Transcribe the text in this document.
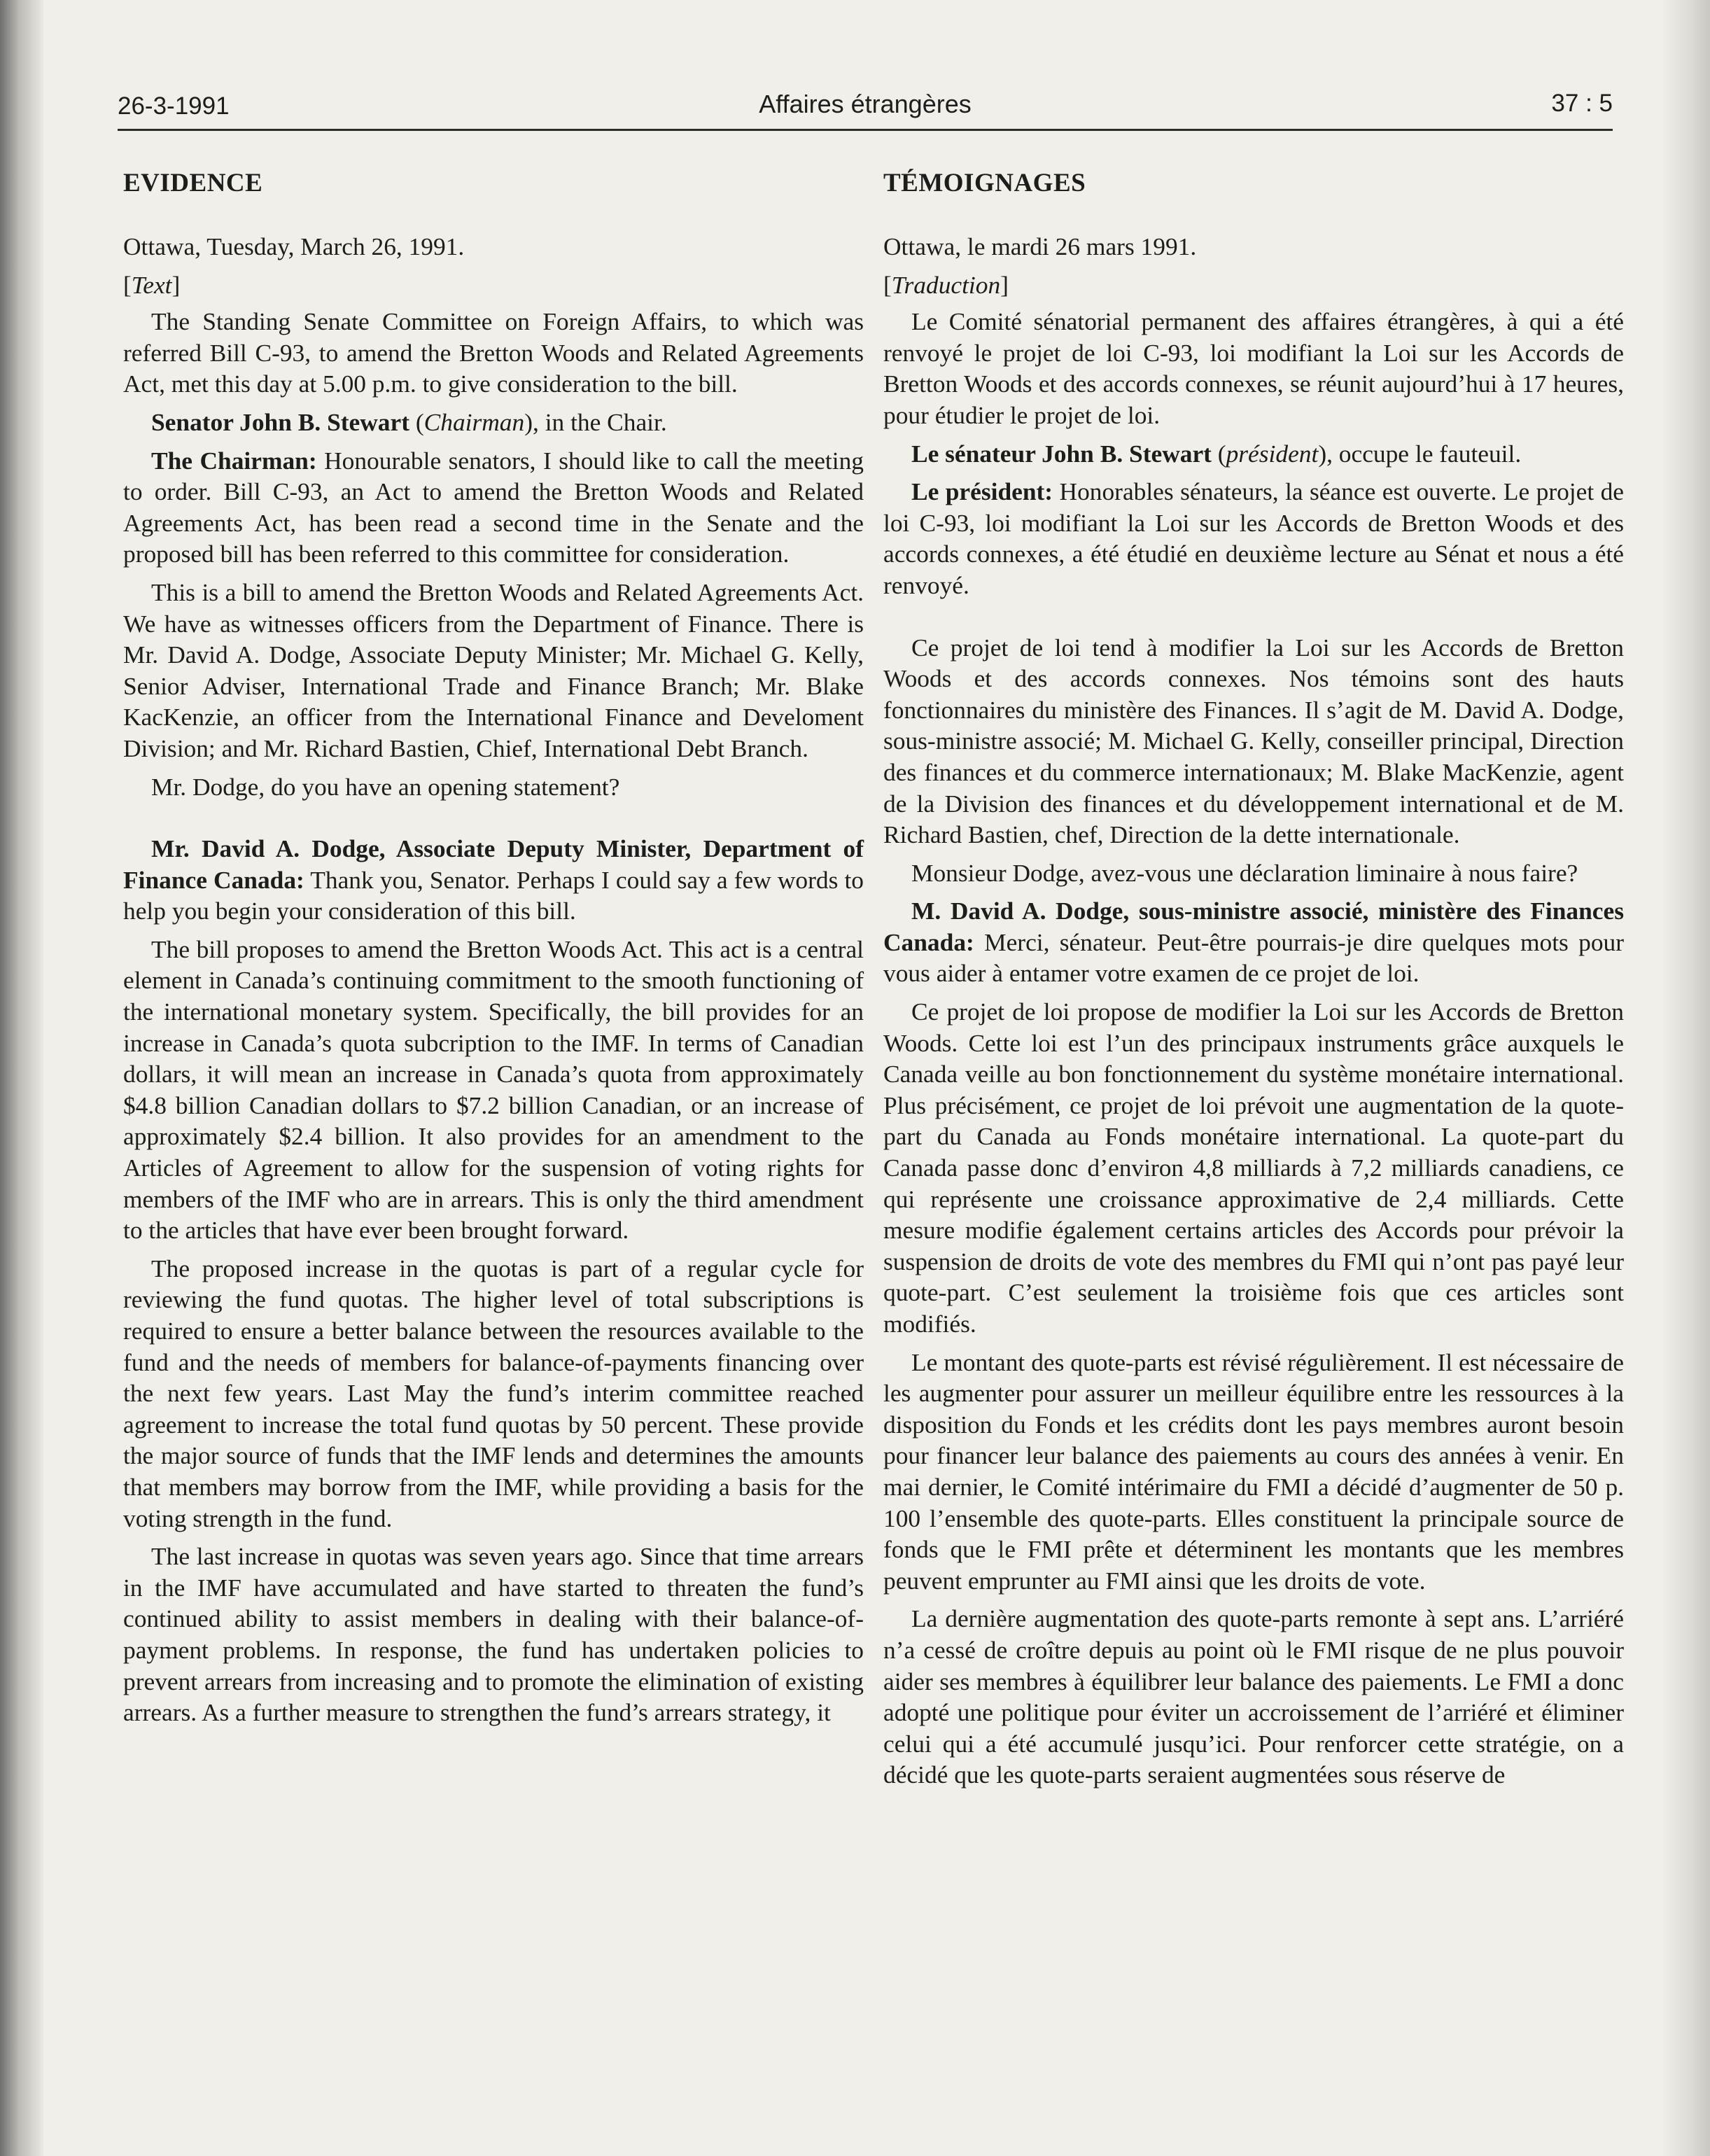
26-3-1991	Affaires étrangères	37 : 5
EVIDENCE

Ottawa, Tuesday, March 26, 1991.

[Text]

The Standing Senate Committee on Foreign Affairs, to which was referred Bill C-93, to amend the Bretton Woods and Related Agreements Act, met this day at 5.00 p.m. to give consideration to the bill.

Senator John B. Stewart (Chairman), in the Chair.

The Chairman: Honourable senators, I should like to call the meeting to order. Bill C-93, an Act to amend the Bretton Woods and Related Agreements Act, has been read a second time in the Senate and the proposed bill has been referred to this committee for consideration.

This is a bill to amend the Bretton Woods and Related Agreements Act. We have as witnesses officers from the Department of Finance. There is Mr. David A. Dodge, Associate Deputy Minister; Mr. Michael G. Kelly, Senior Adviser, International Trade and Finance Branch; Mr. Blake KacKenzie, an officer from the International Finance and Develoment Division; and Mr. Richard Bastien, Chief, International Debt Branch.

Mr. Dodge, do you have an opening statement?

Mr. David A. Dodge, Associate Deputy Minister, Department of Finance Canada: Thank you, Senator. Perhaps I could say a few words to help you begin your consideration of this bill.

The bill proposes to amend the Bretton Woods Act. This act is a central element in Canada’s continuing commitment to the smooth functioning of the international monetary system. Specifically, the bill provides for an increase in Canada’s quota subcription to the IMF. In terms of Canadian dollars, it will mean an increase in Canada’s quota from approximately $4.8 billion Canadian dollars to $7.2 billion Canadian, or an increase of approximately $2.4 billion. It also provides for an amendment to the Articles of Agreement to allow for the suspension of voting rights for members of the IMF who are in arrears. This is only the third amendment to the articles that have ever been brought forward.

The proposed increase in the quotas is part of a regular cycle for reviewing the fund quotas. The higher level of total subscriptions is required to ensure a better balance between the resources available to the fund and the needs of members for balance-of-payments financing over the next few years. Last May the fund’s interim committee reached agreement to increase the total fund quotas by 50 percent. These provide the major source of funds that the IMF lends and determines the amounts that members may borrow from the IMF, while providing a basis for the voting strength in the fund.

The last increase in quotas was seven years ago. Since that time arrears in the IMF have accumulated and have started to threaten the fund’s continued ability to assist members in dealing with their balance-of-payment problems. In response, the fund has undertaken policies to prevent arrears from increasing and to promote the elimination of existing arrears. As a further measure to strengthen the fund’s arrears strategy, it

TÉMOIGNAGES

Ottawa, le mardi 26 mars 1991.

[Traduction]

Le Comité sénatorial permanent des affaires étrangères, à qui a été renvoyé le projet de loi C-93, loi modifiant la Loi sur les Accords de Bretton Woods et des accords connexes, se réunit aujourd’hui à 17 heures, pour étudier le projet de loi.

Le sénateur John B. Stewart (président), occupe le fauteuil.

Le président: Honorables sénateurs, la séance est ouverte. Le projet de loi C-93, loi modifiant la Loi sur les Accords de Bretton Woods et des accords connexes, a été étudié en deuxième lecture au Sénat et nous a été renvoyé.

Ce projet de loi tend à modifier la Loi sur les Accords de Bretton Woods et des accords connexes. Nos témoins sont des hauts fonctionnaires du ministère des Finances. Il s’agit de M. David A. Dodge, sous-ministre associé; M. Michael G. Kelly, conseiller principal, Direction des finances et du commerce internationaux; M. Blake MacKenzie, agent de la Division des finances et du développement international et de M. Richard Bastien, chef, Direction de la dette internationale.

Monsieur Dodge, avez-vous une déclaration liminaire à nous faire?

M. David A. Dodge, sous-ministre associé, ministère des Finances Canada: Merci, sénateur. Peut-être pourrais-je dire quelques mots pour vous aider à entamer votre examen de ce projet de loi.

Ce projet de loi propose de modifier la Loi sur les Accords de Bretton Woods. Cette loi est l’un des principaux instruments grâce auxquels le Canada veille au bon fonctionnement du système monétaire international. Plus précisément, ce projet de loi prévoit une augmentation de la quote-part du Canada au Fonds monétaire international. La quote-part du Canada passe donc d’environ 4,8 milliards à 7,2 milliards canadiens, ce qui représente une croissance approximative de 2,4 milliards. Cette mesure modifie également certains articles des Accords pour prévoir la suspension de droits de vote des membres du FMI qui n’ont pas payé leur quote-part. C’est seulement la troisième fois que ces articles sont modifiés.

Le montant des quote-parts est révisé régulièrement. Il est nécessaire de les augmenter pour assurer un meilleur équilibre entre les ressources à la disposition du Fonds et les crédits dont les pays membres auront besoin pour financer leur balance des paiements au cours des années à venir. En mai dernier, le Comité intérimaire du FMI a décidé d’augmenter de 50 p. 100 l’ensemble des quote-parts. Elles constituent la principale source de fonds que le FMI prête et déterminent les montants que les membres peuvent emprunter au FMI ainsi que les droits de vote.

La dernière augmentation des quote-parts remonte à sept ans. L’arriéré n’a cessé de croître depuis au point où le FMI risque de ne plus pouvoir aider ses membres à équilibrer leur balance des paiements. Le FMI a donc adopté une politique pour éviter un accroissement de l’arriéré et éliminer celui qui a été accumulé jusqu’ici. Pour renforcer cette stratégie, on a décidé que les quote-parts seraient augmentées sous réserve de
